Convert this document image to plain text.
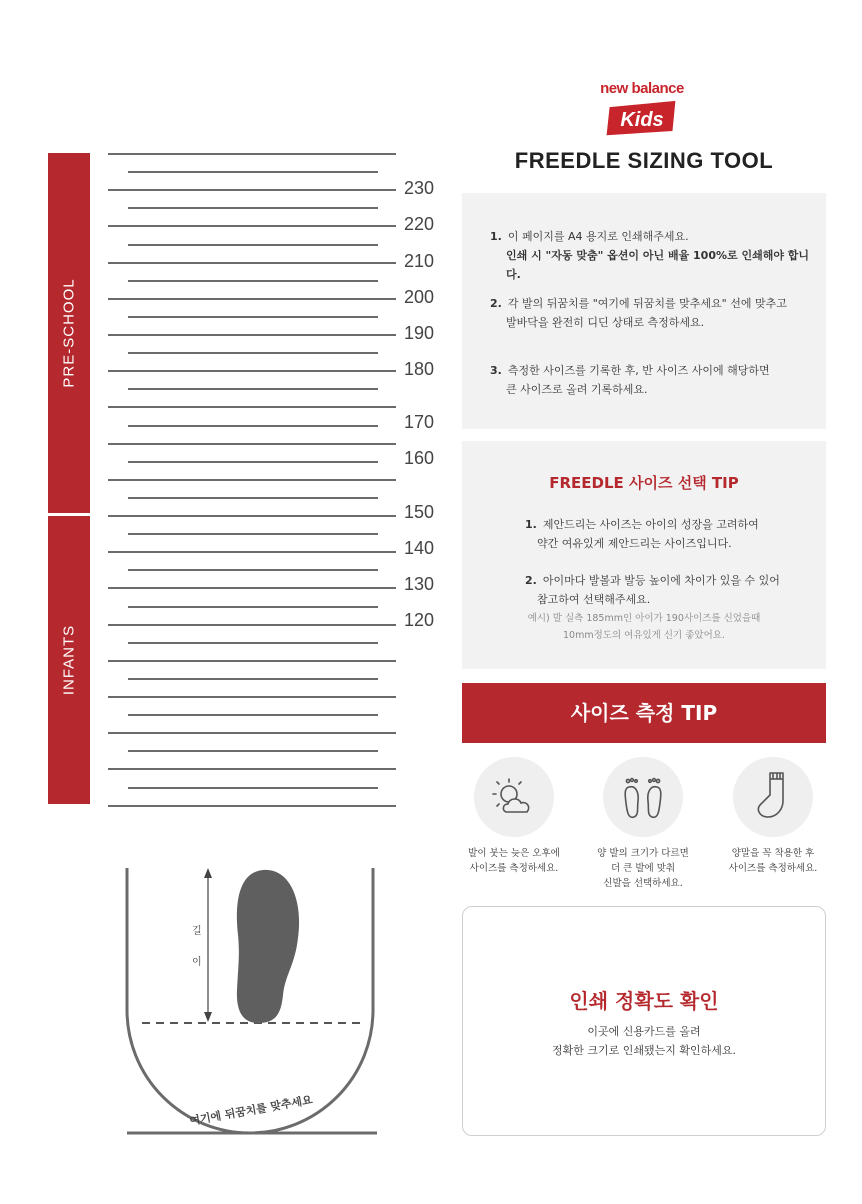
PRE-SCHOOL
INFANTS
230
220
210
200
190
180
170
160
150
140
130
120
길
이
여기에 뒤꿈치를 맞추세요
new balance
Kids
FREEDLE SIZING TOOL
1. 이 페이지를 A4 용지로 인쇄해주세요.
인쇄 시 "자동 맞춤" 옵션이 아닌 배율 100%로 인쇄해야 합니다.
2. 각 발의 뒤꿈치를 "여기에 뒤꿈치를 맞추세요" 선에 맞추고
발바닥을 완전히 디딘 상태로 측정하세요.
3. 측정한 사이즈를 기록한 후, 반 사이즈 사이에 해당하면
큰 사이즈로 올려 기록하세요.
FREEDLE 사이즈 선택 TIP
1. 제안드리는 사이즈는 아이의 성장을 고려하여
약간 여유있게 제안드리는 사이즈입니다.
2. 아이마다 발볼과 발등 높이에 차이가 있을 수 있어
참고하여 선택해주세요.
예시) 발 실측 185mm인 아이가 190사이즈를 신었을때
10mm정도의 여유있게 신기 좋았어요.
사이즈 측정 TIP
발이 붓는 늦은 오후에
사이즈를 측정하세요.
양 발의 크기가 다르면
더 큰 발에 맞춰
신발을 선택하세요.
양말을 꼭 착용한 후
사이즈를 측정하세요.
인쇄 정확도 확인
이곳에 신용카드를 올려
정확한 크기로 인쇄됐는지 확인하세요.
